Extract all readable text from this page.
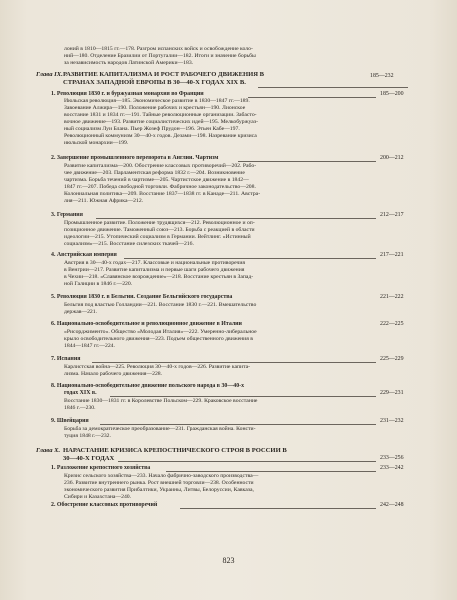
лоний в 1810—1815 гг.—178. Разгром испанских войск и освобождение коло-
ний—180. Отделение Бразилии от Португалии—182. Итоги и значение борьбы
за независимость народов Латинской Америки—183.
Глава IX. РАЗВИТИЕ КАПИТАЛИЗМА И РОСТ РАБОЧЕГО ДВИЖЕНИЯ В
СТРАНАХ ЗАПАДНОЙ ЕВРОПЫ В 30—40-Х ГОДАХ XIX В.
185—232
1. Революция 1830 г. и буржуазная монархия во Франции	185—200
Июльская революция—185. Экономическое развитие в 1830—1847 гг.—189.
Завоевание Алжира—190. Положение рабочих и крестьян—190. Лионское
восстание 1831 и 1834 гг.—191. Тайные революционные организации. Забасто-
вочное движение—193. Развитие социалистических идей—195. Мелкобуржуаз-
ный социализм Луи Блана. Пьер Жозеф Прудон—196. Этьен Кабе—197.
Революционный коммунизм 30—40-х годов. Дезами—198. Назревание кризиса
июльской монархии—199.
2. Завершение промышленного переворота в Англии. Чартизм	200—212
Развитие капитализма—200. Обострение классовых противоречий—202. Рабо-
чее движение—203. Парламентская реформа 1832 г.—204. Возникновение
чартизма. Борьба течений в чартизме—205. Чартистское движение в 1842—
1847 гг.—207. Победа свободной торговли. Фабричное законодательство—208.
Колониальная политика—209. Восстание 1837—1838 гг. в Канаде—211. Австра-
лия—211. Южная Африка—212.
3. Германия	212—217
Промышленное развитие. Положение трудящихся—212. Революционное и оп-
позиционное движение. Таможенный союз—213. Борьба с реакцией в области
идеологии—215. Утопический социализм в Германии. Вейтлинг. «Истинный
социализм»—215. Восстание силезских ткачей—216.
4. Австрийская империя	217—221
Австрия в 30—40-х годах—217. Классовые и национальные противоречия
в Венгрии—217. Развитие капитализма и первые шаги рабочего движения
в Чехии—218. «Славянское возрождение»—218. Восстание крестьян в Запад-
ной Галиции в 1846 г.—220.
5. Революция 1830 г. в Бельгии. Создание Бельгийского государства	221—222
Бельгия под властью Голландии—221. Восстание 1830 г.—221. Вмешательство
держав—221.
6. Национально-освободительное и революционное движение в Италии	222—225
«Рисорджименто». Общество «Молодая Италия»—222. Умеренно-либеральное
крыло освободительного движения—223. Подъем общественного движения в
1844—1847 гг.—224.
7. Испания	225—229
Карлистская война—225. Революция 30—40-х годов—226. Развитие капита-
лизма. Начало рабочего движения—228.
8. Национально-освободительное движение польского народа в 30—40-х
годах XIX в.	229—231
Восстание 1830—1831 гг. в Королевстве Польском—229. Краковское восстание
1846 г.—230.
9. Швейцария	231—232
Борьба за демократическое преобразование—231. Гражданская война. Консти-
туция 1848 г.—232.
Глава X. НАРАСТАНИЕ КРИЗИСА КРЕПОСТНИЧЕСКОГО СТРОЯ В РОССИИ В
30—40-Х ГОДАХ	233—256
1. Разложение крепостного хозяйства	233—242
Кризис сельского хозяйства—233. Начало фабрично-заводского производства—
236. Развитие внутреннего рынка. Рост внешней торговли—238. Особенности
экономического развития Прибалтики, Украины, Литвы, Белоруссии, Кавказа,
Сибири и Казахстана—240.
2. Обострение классовых противоречий	242—248
823
